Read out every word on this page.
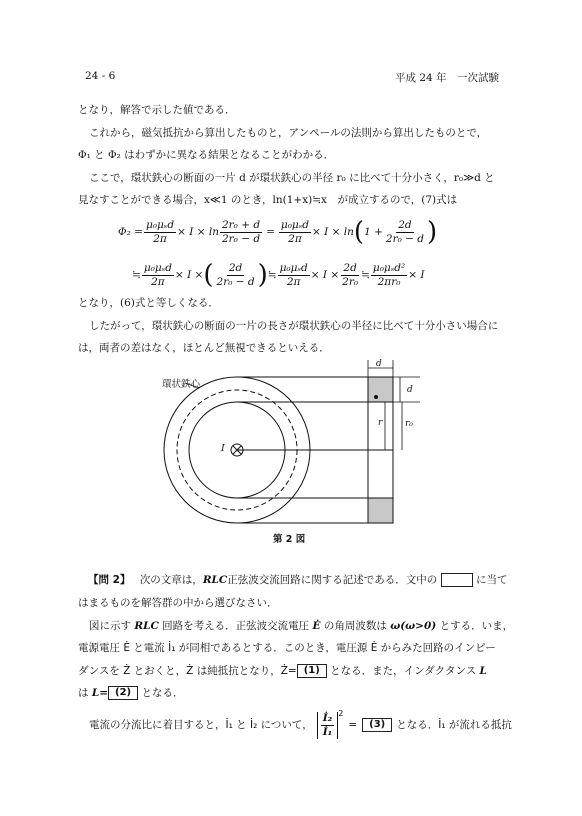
24 - 6	平成 24 年　一次試験
となり，解答で示した値である．
これから，磁気抵抗から算出したものと，アンペールの法則から算出したものとで，
Φ₁ と Φ₂ はわずかに異なる結果となることがわかる．
ここで，環状鉄心の断面の一片 d が環状鉄心の半径 r₀ に比べて十分小さく，r₀≫d と
見なすことができる場合，x≪1 のとき，ln(1+x)≒x　が成立するので，(7)式は
$\Phi_2 = \frac{\text{μ₀μₛd}}{2\pi} \times I \times \ln \frac{\text{2r₀ + d}}{\text{2r₀ − d}} = \frac{\text{μ₀μₛd}}{2\pi} \times I \times \ln$ ( $1 + \frac{2d}{\text{2r₀ − d}}$ )
≒ $\frac{\text{μ₀μₛd}}{2\pi} \times I$ × ( $\frac{2d}{\text{2r₀ − d}}$ ) ≒ $\frac{\text{μ₀μₛd}}{2\pi} \times I \times \frac{2d}{\text{2r₀}}$ ≒ $\frac{\text{μ₀μₛd²}}{\text{2πr₀}} \times I$
となり，(6)式と等しくなる．
したがって，環状鉄心の断面の一片の長さが環状鉄心の半径に比べて十分小さい場合に
は，両者の差はなく，ほとんど無視できるといえる．
環状鉄心
d
d
r	r₀
I
第 2 図
【問 2】 次の文章は，RLC正弦波交流回路に関する記述である．文中の	に当て
はまるものを解答群の中から選びなさい．
図に示す RLC 回路を考える．正弦波交流電圧 Ė の角周波数は ω(ω>0) とする．いま，
電源電圧 Ė と電流 İ₁ が同相であるとする．このとき，電圧源 Ė からみた回路のインピー
ダンスを Ż とおくと，Ż は純抵抗となり，Ż= (1) となる．また，インダクタンス L
は L= (2) となる．
電流の分流比に着目すると，İ₁ と İ₂ について， $\frac{\text{İ₂}}{\text{İ₁}} ^2$
=	(3)	となる．İ₁ が流れる抵抗
